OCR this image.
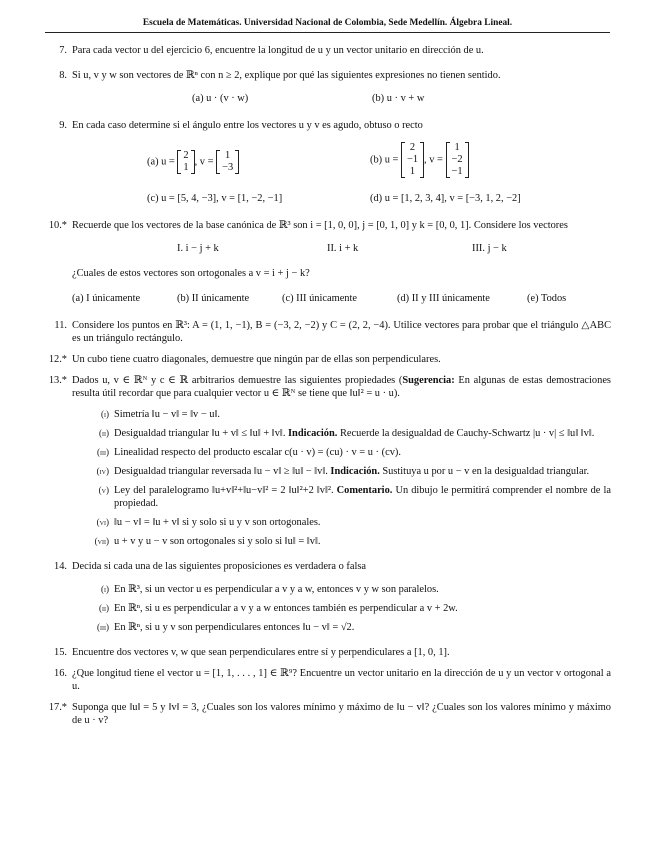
Escuela de Matemáticas. Universidad Nacional de Colombia, Sede Medellín. Álgebra Lineal.
7. Para cada vector u del ejercicio 6, encuentre la longitud de u y un vector unitario en dirección de u.
8. Si u, v y w son vectores de ℝⁿ con n ≥ 2, explique por qué las siguientes expresiones no tienen sentido.
(a) u · (v · w)	(b) u · v + w
9. En cada caso determine si el ángulo entre los vectores u y v es agudo, obtuso o recto
(a) u = 2
1, v = 1
−3
(b) u = 2
−1
1, v = 1
−2
−1
(c) u = [5, 4, −3], v = [1, −2, −1]	(d) u = [1, 2, 3, 4], v = [−3, 1, 2, −2]
10.* Recuerde que los vectores de la base canónica de ℝ³ son i = [1, 0, 0], j = [0, 1, 0] y k = [0, 0, 1]. Considere los vectores
I. i − j + k	II. i + k	III. j − k
¿Cuales de estos vectores son ortogonales a v = i + j − k?
(a) I únicamente	(b) II únicamente	(c) III únicamente	(d) II y III únicamente	(e) Todos
11. Considere los puntos en ℝ³: A = (1, 1, −1), B = (−3, 2, −2) y C = (2, 2, −4). Utilice vectores para probar que el triángulo △ABC es un triángulo rectángulo.
12.* Un cubo tiene cuatro diagonales, demuestre que ningún par de ellas son perpendiculares.
13.* Dados u, v ∈ ℝᴺ y c ∈ ℝ arbitrarios demuestre las siguientes propiedades (Sugerencia: En algunas de estas demostraciones resulta útil recordar que para cualquier vector u ∈ ℝᴺ se tiene que ‖u‖² = u · u).
(i) Simetría ‖u − v‖ = ‖v − u‖.
(ii) Desigualdad triangular ‖u + v‖ ≤ ‖u‖ + ‖v‖. Indicación. Recuerde la desigualdad de Cauchy-Schwartz |u · v| ≤ ‖u‖ ‖v‖.
(iii) Linealidad respecto del producto escalar c(u · v) = (cu) · v = u · (cv).
(iv) Desigualdad triangular reversada ‖u − v‖ ≥ ‖u‖ − ‖v‖. Indicación. Sustituya u por u − v en la desigualdad triangular.
(v) Ley del paralelogramo ‖u+v‖²+‖u−v‖² = 2 ‖u‖²+2 ‖v‖². Comentario. Un dibujo le permitirá comprender el nombre de la propiedad.
(vi) ‖u − v‖ = ‖u + v‖ si y solo si u y v son ortogonales.
(vii) u + v y u − v son ortogonales si y solo si ‖u‖ = ‖v‖.
14. Decida si cada una de las siguientes proposiciones es verdadera o falsa
(i) En ℝ³, si un vector u es perpendicular a v y a w, entonces v y w son paralelos.
(ii) En ℝⁿ, si u es perpendicular a v y a w entonces también es perpendicular a v + 2w.
(iii) En ℝⁿ, si u y v son perpendiculares entonces ‖u − v‖ = √2.
15. Encuentre dos vectores v, w que sean perpendiculares entre sí y perpendiculares a [1, 0, 1].
16. ¿Que longitud tiene el vector u = [1, 1, . . . , 1] ∈ ℝ⁹? Encuentre un vector unitario en la dirección de u y un vector v ortogonal a u.
17.* Suponga que ‖u‖ = 5 y ‖v‖ = 3, ¿Cuales son los valores mínimo y máximo de ‖u − v‖? ¿Cuales son los valores mínimo y máximo de u · v?
